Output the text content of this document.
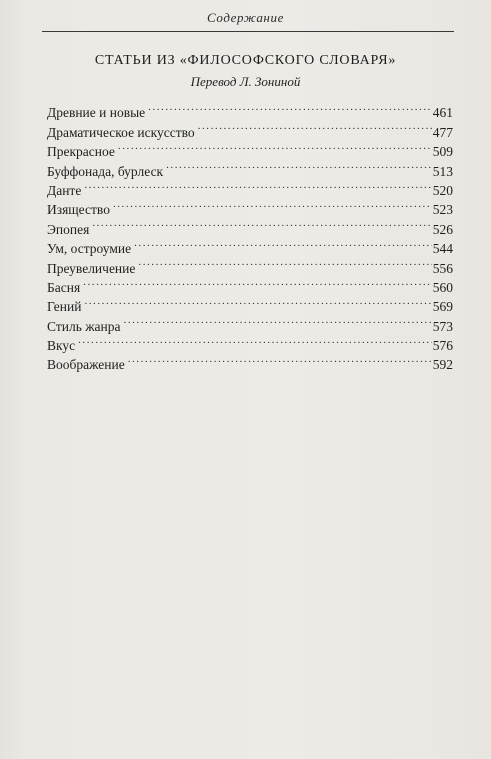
Содержание
СТАТЬИ ИЗ «ФИЛОСОФСКОГО СЛОВАРЯ»
Перевод Л. Зониной
Древние и новые . . .	461
Драматическое искусство . . .	477
Прекрасное . . .	509
Буффонада, бурлеск . . .	513
Данте . . .	520
Изящество . . .	523
Эпопея . . .	526
Ум, остроумие . . .	544
Преувеличение . . .	556
Басня . . .	560
Гений . . .	569
Стиль жанра . . .	573
Вкус . . .	576
Воображение . . .	592
